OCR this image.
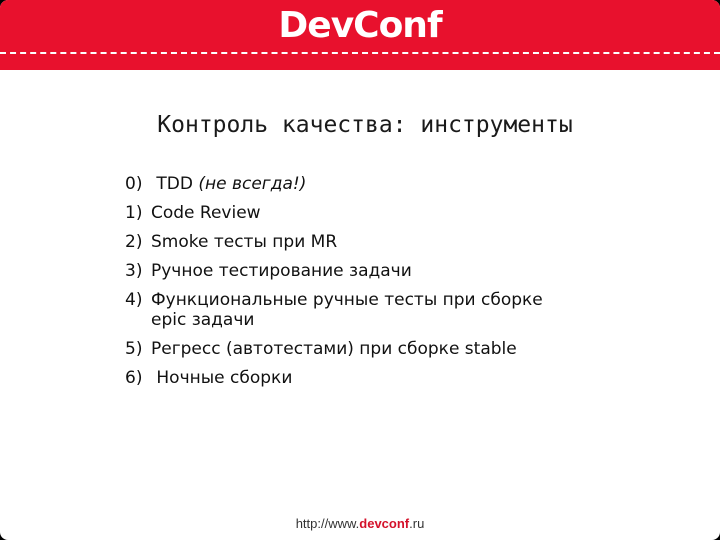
DevConf
Контроль качества: инструменты
0) TDD (не всегда!)
1) Code Review
2) Smoke тесты при MR
3) Ручное тестирование задачи
4) Функциональные ручные тесты при сборке
epic задачи
5) Регресс (автотестами) при сборке stable
6) Ночные сборки
http://www.devconf.ru
